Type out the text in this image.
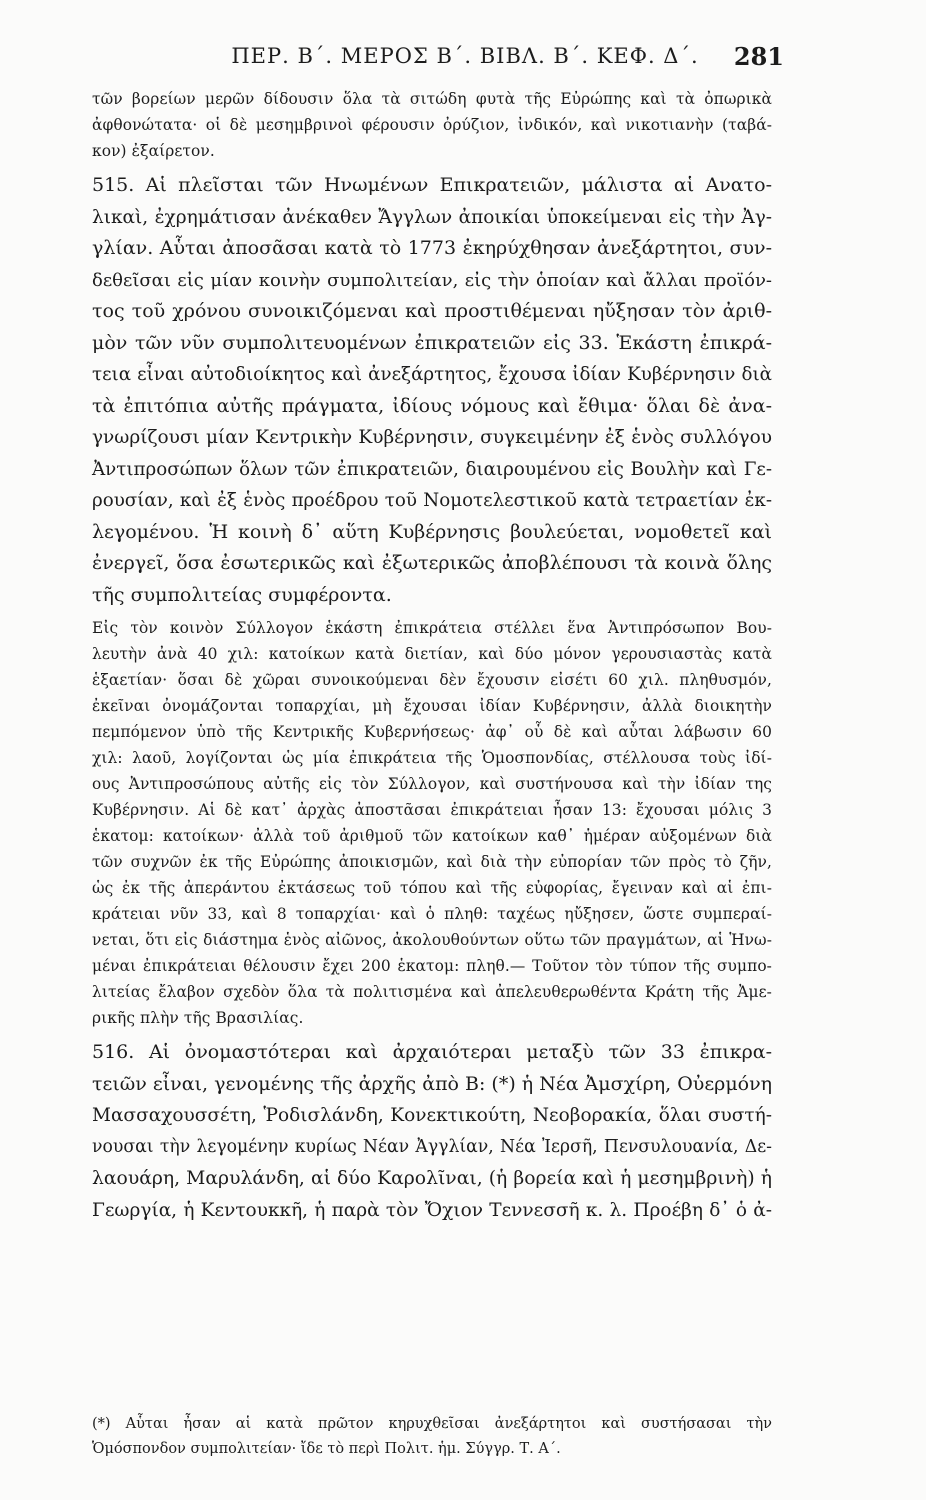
ΠΕΡ. Β΄. ΜΕΡΟΣ Β΄. ΒΙΒΛ. Β΄. ΚΕΦ. Δ΄.	281
τῶν βορείων μερῶν δίδουσιν ὅλα τὰ σιτώδη φυτὰ τῆς Εὐρώπης καὶ τὰ ὀπωρικὰ
ἀφθονώτατα· οἱ δὲ μεσημβρινοὶ φέρουσιν ὀρύζιον, ἰνδικόν, καὶ νικοτιανὴν (ταβά-
κον) ἐξαίρετον.
515. Αἱ πλεῖσται τῶν Ηνωμένων Επικρατειῶν, μάλιστα αἱ Ανατο-
λικαὶ, ἐχρημάτισαν ἀνέκαθεν Ἄγγλων ἀποικίαι ὑποκείμεναι εἰς τὴν Ἀγ-
γλίαν. Αὗται ἀποσᾶσαι κατὰ τὸ 1773 ἐκηρύχθησαν ἀνεξάρτητοι, συν-
δεθεῖσαι εἰς μίαν κοινὴν συμπολιτείαν, εἰς τὴν ὁποίαν καὶ ἄλλαι προϊόν-
τος τοῦ χρόνου συνοικιζόμεναι καὶ προστιθέμεναι ηὔξησαν τὸν ἀριθ-
μὸν τῶν νῦν συμπολιτευομένων ἐπικρατειῶν εἰς 33. Ἑκάστη ἐπικρά-
τεια εἶναι αὐτοδιοίκητος καὶ ἀνεξάρτητος, ἔχουσα ἰδίαν Κυβέρνησιν διὰ
τὰ ἐπιτόπια αὐτῆς πράγματα, ἰδίους νόμους καὶ ἔθιμα· ὅλαι δὲ ἀνα-
γνωρίζουσι μίαν Κεντρικὴν Κυβέρνησιν, συγκειμένην ἐξ ἑνὸς συλλόγου
Ἀντιπροσώπων ὅλων τῶν ἐπικρατειῶν, διαιρουμένου εἰς Βουλὴν καὶ Γε-
ρουσίαν, καὶ ἐξ ἑνὸς προέδρου τοῦ Νομοτελεστικοῦ κατὰ τετραετίαν ἐκ-
λεγομένου. Ἡ κοινὴ δ᾽ αὕτη Κυβέρνησις βουλεύεται, νομοθετεῖ καὶ
ἐνεργεῖ, ὅσα ἐσωτερικῶς καὶ ἐξωτερικῶς ἀποβλέπουσι τὰ κοινὰ ὅλης
τῆς συμπολιτείας συμφέροντα.
Εἰς τὸν κοινὸν Σύλλογον ἑκάστη ἐπικράτεια στέλλει ἕνα Ἀντιπρόσωπον Βου-
λευτὴν ἀνὰ 40 χιλ: κατοίκων κατὰ διετίαν, καὶ δύο μόνον γερουσιαστὰς κατὰ
ἑξαετίαν· ὅσαι δὲ χῶραι συνοικούμεναι δὲν ἔχουσιν εἰσέτι 60 χιλ. πληθυσμόν,
ἐκεῖναι ὀνομάζονται τοπαρχίαι, μὴ ἔχουσαι ἰδίαν Κυβέρνησιν, ἀλλὰ διοικητὴν
πεμπόμενον ὑπὸ τῆς Κεντρικῆς Κυβερνήσεως· ἀφ᾽ οὗ δὲ καὶ αὗται λάβωσιν 60
χιλ: λαοῦ, λογίζονται ὡς μία ἐπικράτεια τῆς Ὁμοσπονδίας, στέλλουσα τοὺς ἰδί-
ους Ἀντιπροσώπους αὐτῆς εἰς τὸν Σύλλογον, καὶ συστήνουσα καὶ τὴν ἰδίαν της
Κυβέρνησιν. Αἱ δὲ κατ᾽ ἀρχὰς ἀποστᾶσαι ἐπικράτειαι ἦσαν 13: ἔχουσαι μόλις 3
ἑκατομ: κατοίκων· ἀλλὰ τοῦ ἀριθμοῦ τῶν κατοίκων καθ᾽ ἡμέραν αὐξομένων διὰ
τῶν συχνῶν ἐκ τῆς Εὐρώπης ἀποικισμῶν, καὶ διὰ τὴν εὐπορίαν τῶν πρὸς τὸ ζῆν,
ὡς ἐκ τῆς ἀπεράντου ἐκτάσεως τοῦ τόπου καὶ τῆς εὐφορίας, ἔγειναν καὶ αἱ ἐπι-
κράτειαι νῦν 33, καὶ 8 τοπαρχίαι· καὶ ὁ πληθ: ταχέως ηὔξησεν, ὥστε συμπεραί-
νεται, ὅτι εἰς διάστημα ἑνὸς αἰῶνος, ἀκολουθούντων οὕτω τῶν πραγμάτων, αἱ Ἡνω-
μέναι ἐπικράτειαι θέλουσιν ἔχει 200 ἑκατομ: πληθ.— Τοῦτον τὸν τύπον τῆς συμπο-
λιτείας ἔλαβον σχεδὸν ὅλα τὰ πολιτισμένα καὶ ἀπελευθερωθέντα Κράτη τῆς Ἀμε-
ρικῆς πλὴν τῆς Βρασιλίας.
516. Αἱ ὀνομαστότεραι καὶ ἀρχαιότεραι μεταξὺ τῶν 33 ἐπικρα-
τειῶν εἶναι, γενομένης τῆς ἀρχῆς ἀπὸ Β: (*) ἡ Νέα Ἀμσχίρη, Οὐερμόνη
Μασσαχουσσέτη, Ῥοδισλάνδη, Κονεκτικούτη, Νεοβορακία, ὅλαι συστή-
νουσαι τὴν λεγομένην κυρίως Νέαν Ἀγγλίαν, Νέα Ἰερσῆ, Πενσυλουανία, Δε-
λαουάρη, Μαρυλάνδη, αἱ δύο Καρολῖναι, (ἡ βορεία καὶ ἡ μεσημβρινὴ) ἡ
Γεωργία, ἡ Κεντουκκῆ, ἡ παρὰ τὸν Ὄχιον Τεννεσσῆ κ. λ. Προέβη δ᾽ ὁ ἀ-
(*) Αὗται ἦσαν αἱ κατὰ πρῶτον κηρυχθεῖσαι ἀνεξάρτητοι καὶ συστήσασαι τὴν
Ὁμόσπονδον συμπολιτείαν· ἴδε τὸ περὶ Πολιτ. ἡμ. Σύγγρ. Τ. Α΄.
